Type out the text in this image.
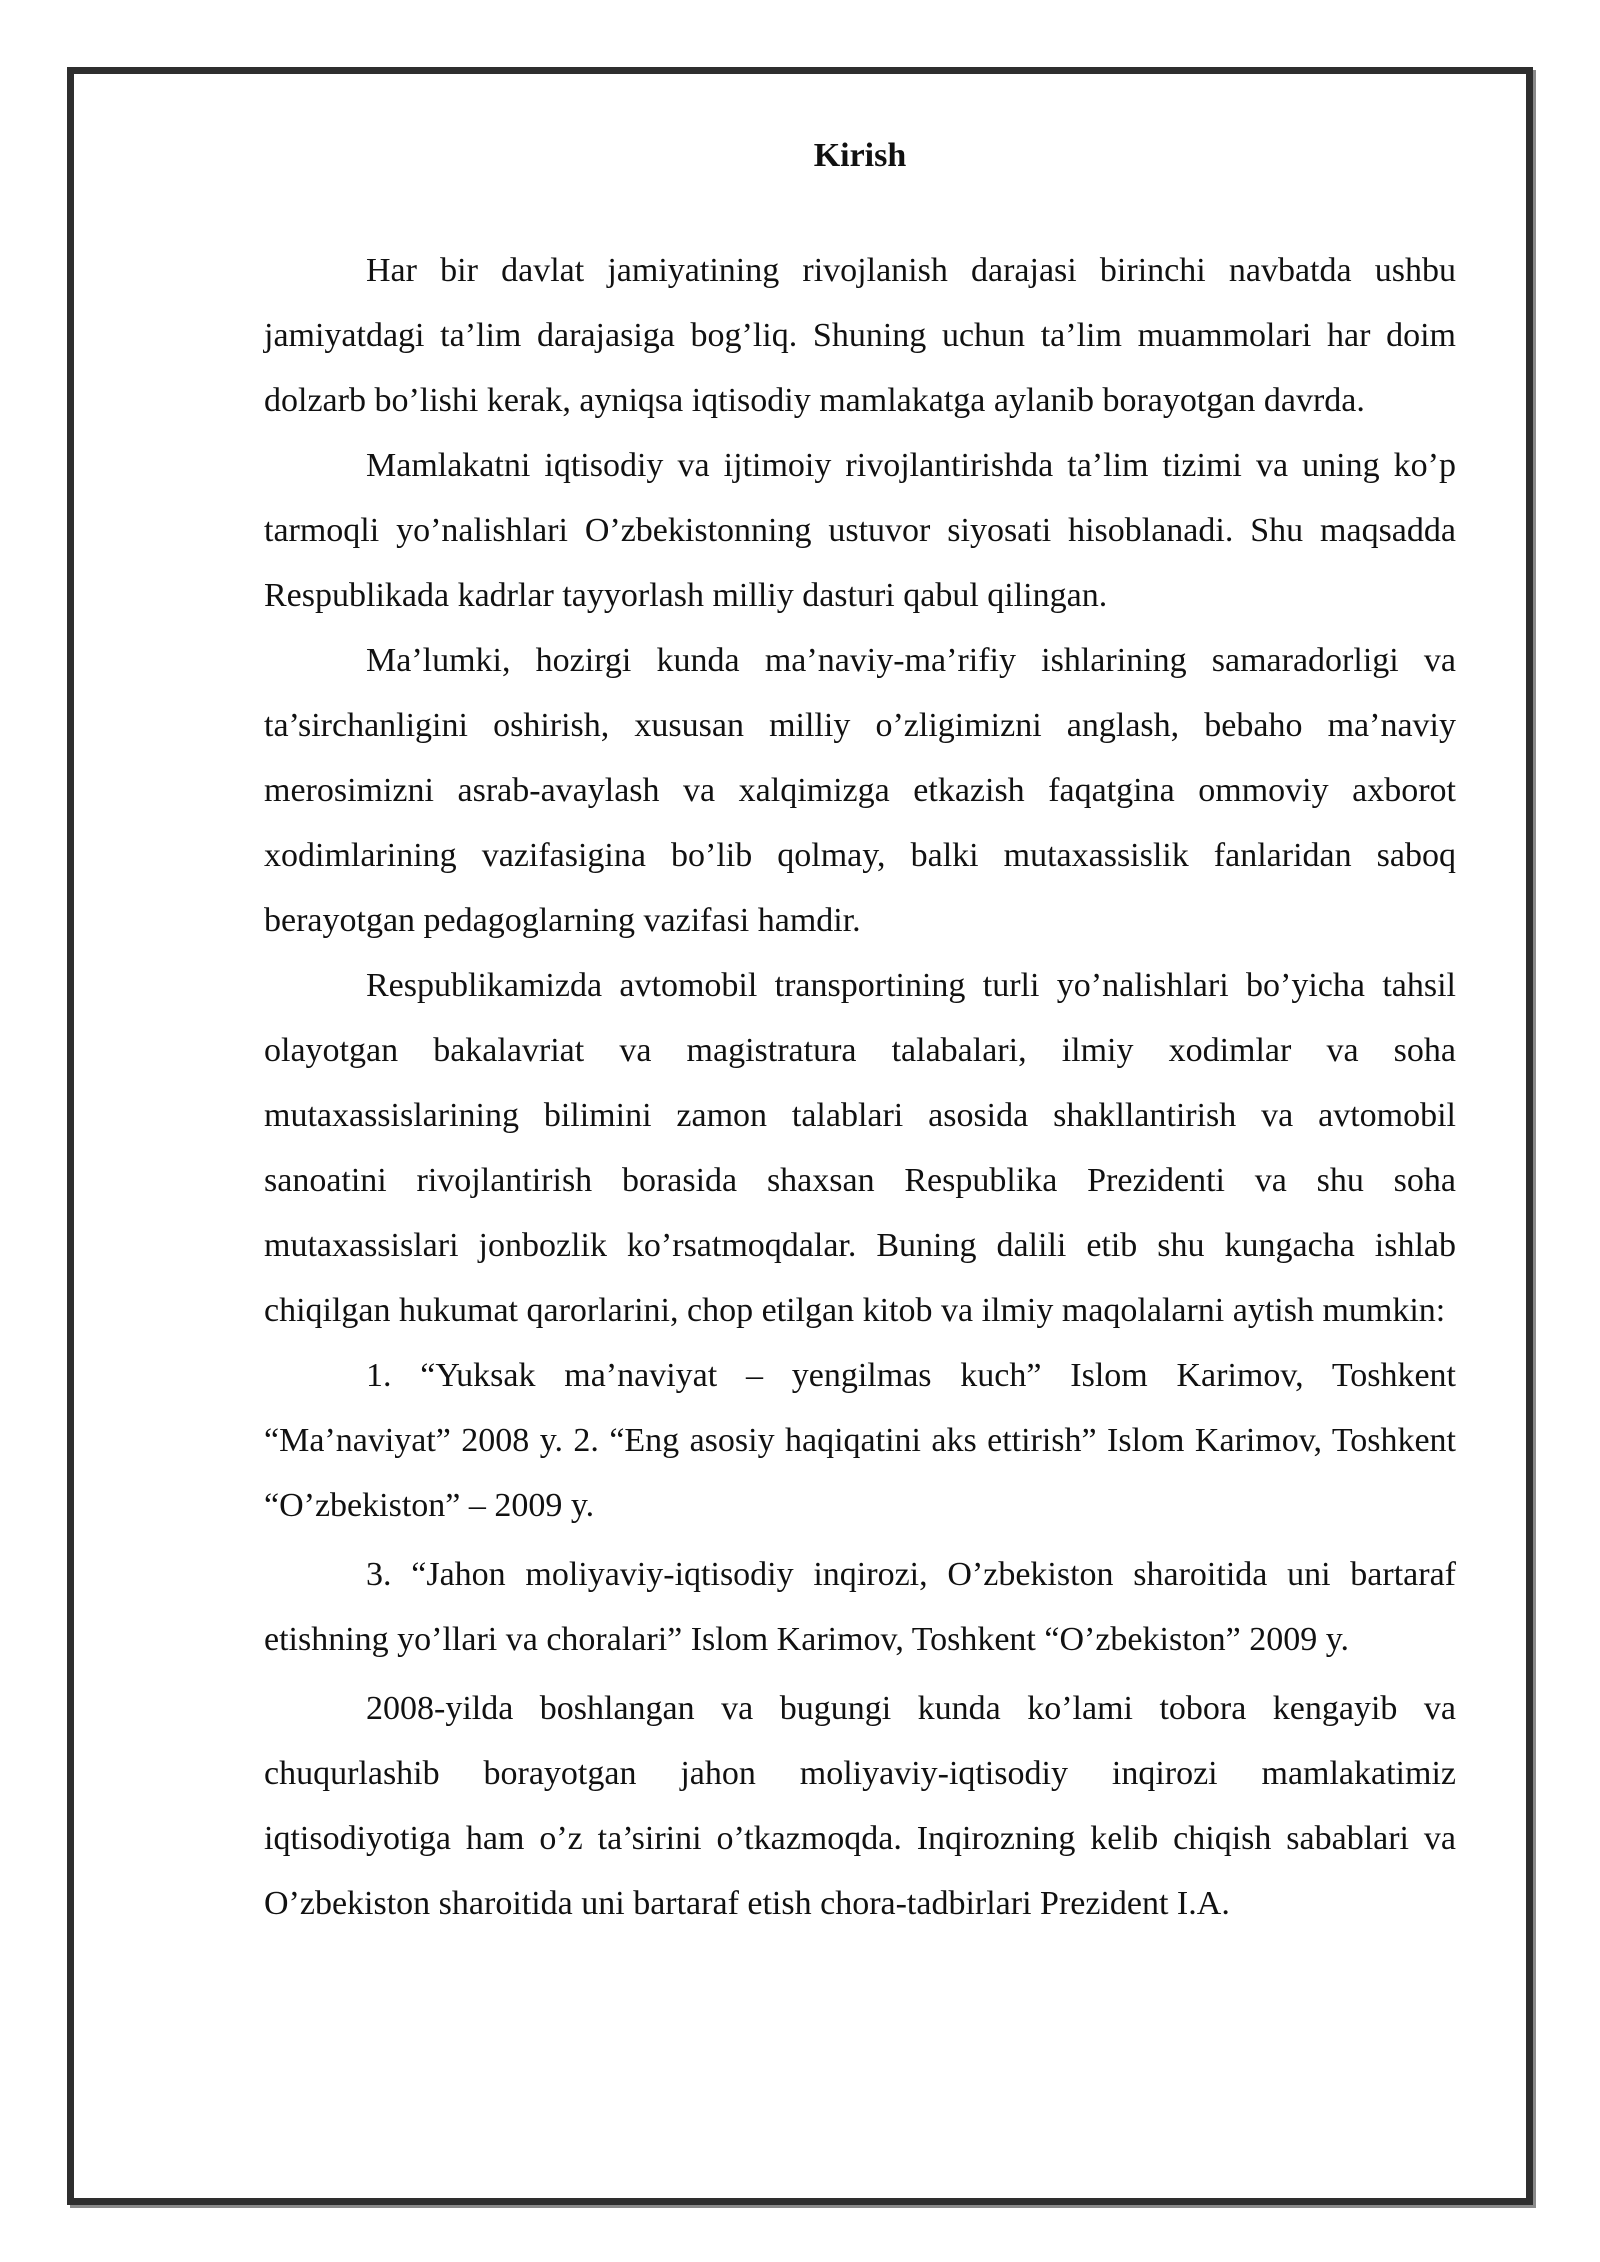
Kirish

Har bir davlat jamiyatining rivojlanish darajasi birinchi navbatda ushbu jamiyatdagi ta’lim darajasiga bog’liq. Shuning uchun ta’lim muammolari har doim dolzarb bo’lishi kerak, ayniqsa iqtisodiy mamlakatga aylanib borayotgan davrda.

Mamlakatni iqtisodiy va ijtimoiy rivojlantirishda ta’lim tizimi va uning ko’p tarmoqli yo’nalishlari O’zbekistonning ustuvor siyosati hisoblanadi. Shu maqsadda Respublikada kadrlar tayyorlash milliy dasturi qabul qilingan.

Ma’lumki, hozirgi kunda ma’naviy-ma’rifiy ishlarining samaradorligi va ta’sirchanligini oshirish, xususan milliy o’zligimizni anglash, bebaho ma’naviy merosimizni asrab-avaylash va xalqimizga etkazish faqatgina ommoviy axborot xodimlarining vazifasigina bo’lib qolmay, balki mutaxassislik fanlaridan saboq berayotgan pedagoglarning vazifasi hamdir.

Respublikamizda avtomobil transportining turli yo’nalishlari bo’yicha tahsil olayotgan bakalavriat va magistratura talabalari, ilmiy xodimlar va soha mutaxassislarining bilimini zamon talablari asosida shakllantirish va avtomobil sanoatini rivojlantirish borasida shaxsan Respublika Prezidenti va shu soha mutaxassislari jonbozlik ko’rsatmoqdalar. Buning dalili etib shu kungacha ishlab chiqilgan hukumat qarorlarini, chop etilgan kitob va ilmiy maqolalarni aytish mumkin:

1. “Yuksak ma’naviyat – yengilmas kuch” Islom Karimov, Toshkent “Ma’naviyat” 2008 y. 2. “Eng asosiy haqiqatini aks ettirish” Islom Karimov, Toshkent “O’zbekiston” – 2009 y.

3. “Jahon moliyaviy-iqtisodiy inqirozi, O’zbekiston sharoitida uni bartaraf etishning yo’llari va choralari” Islom Karimov, Toshkent “O’zbekiston” 2009 y.

2008-yilda boshlangan va bugungi kunda ko’lami tobora kengayib va chuqurlashib borayotgan jahon moliyaviy-iqtisodiy inqirozi mamlakatimiz iqtisodiyotiga ham o’z ta’sirini o’tkazmoqda. Inqirozning kelib chiqish sabablari va O’zbekiston sharoitida uni bartaraf etish chora-tadbirlari Prezident I.A.
